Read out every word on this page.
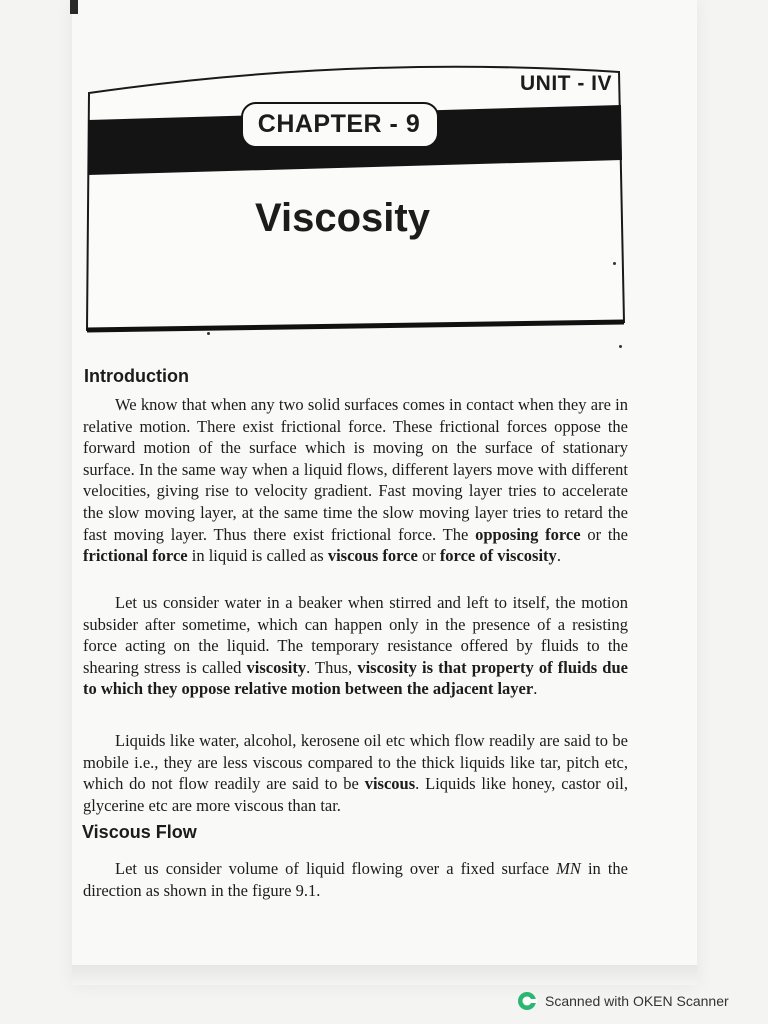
UNIT - IV
CHAPTER - 9
Viscosity
Introduction
We know that when any two solid surfaces comes in contact when they are in relative motion. There exist frictional force. These frictional forces oppose the forward motion of the surface which is moving on the surface of stationary surface. In the same way when a liquid flows, different layers move with different velocities, giving rise to velocity gradient. Fast moving layer tries to accelerate the slow moving layer, at the same time the slow moving layer tries to retard the fast moving layer. Thus there exist frictional force. The opposing force or the frictional force in liquid is called as viscous force or force of viscosity.
Let us consider water in a beaker when stirred and left to itself, the motion subsider after sometime, which can happen only in the presence of a resisting force acting on the liquid. The temporary resistance offered by fluids to the shearing stress is called viscosity. Thus, viscosity is that property of fluids due to which they oppose relative motion between the adjacent layer.
Liquids like water, alcohol, kerosene oil etc which flow readily are said to be mobile i.e., they are less viscous compared to the thick liquids like tar, pitch etc, which do not flow readily are said to be viscous. Liquids like honey, castor oil, glycerine etc are more viscous than tar.
Viscous Flow
Let us consider volume of liquid flowing over a fixed surface MN in the direction as shown in the figure 9.1.
Scanned with OKEN Scanner
